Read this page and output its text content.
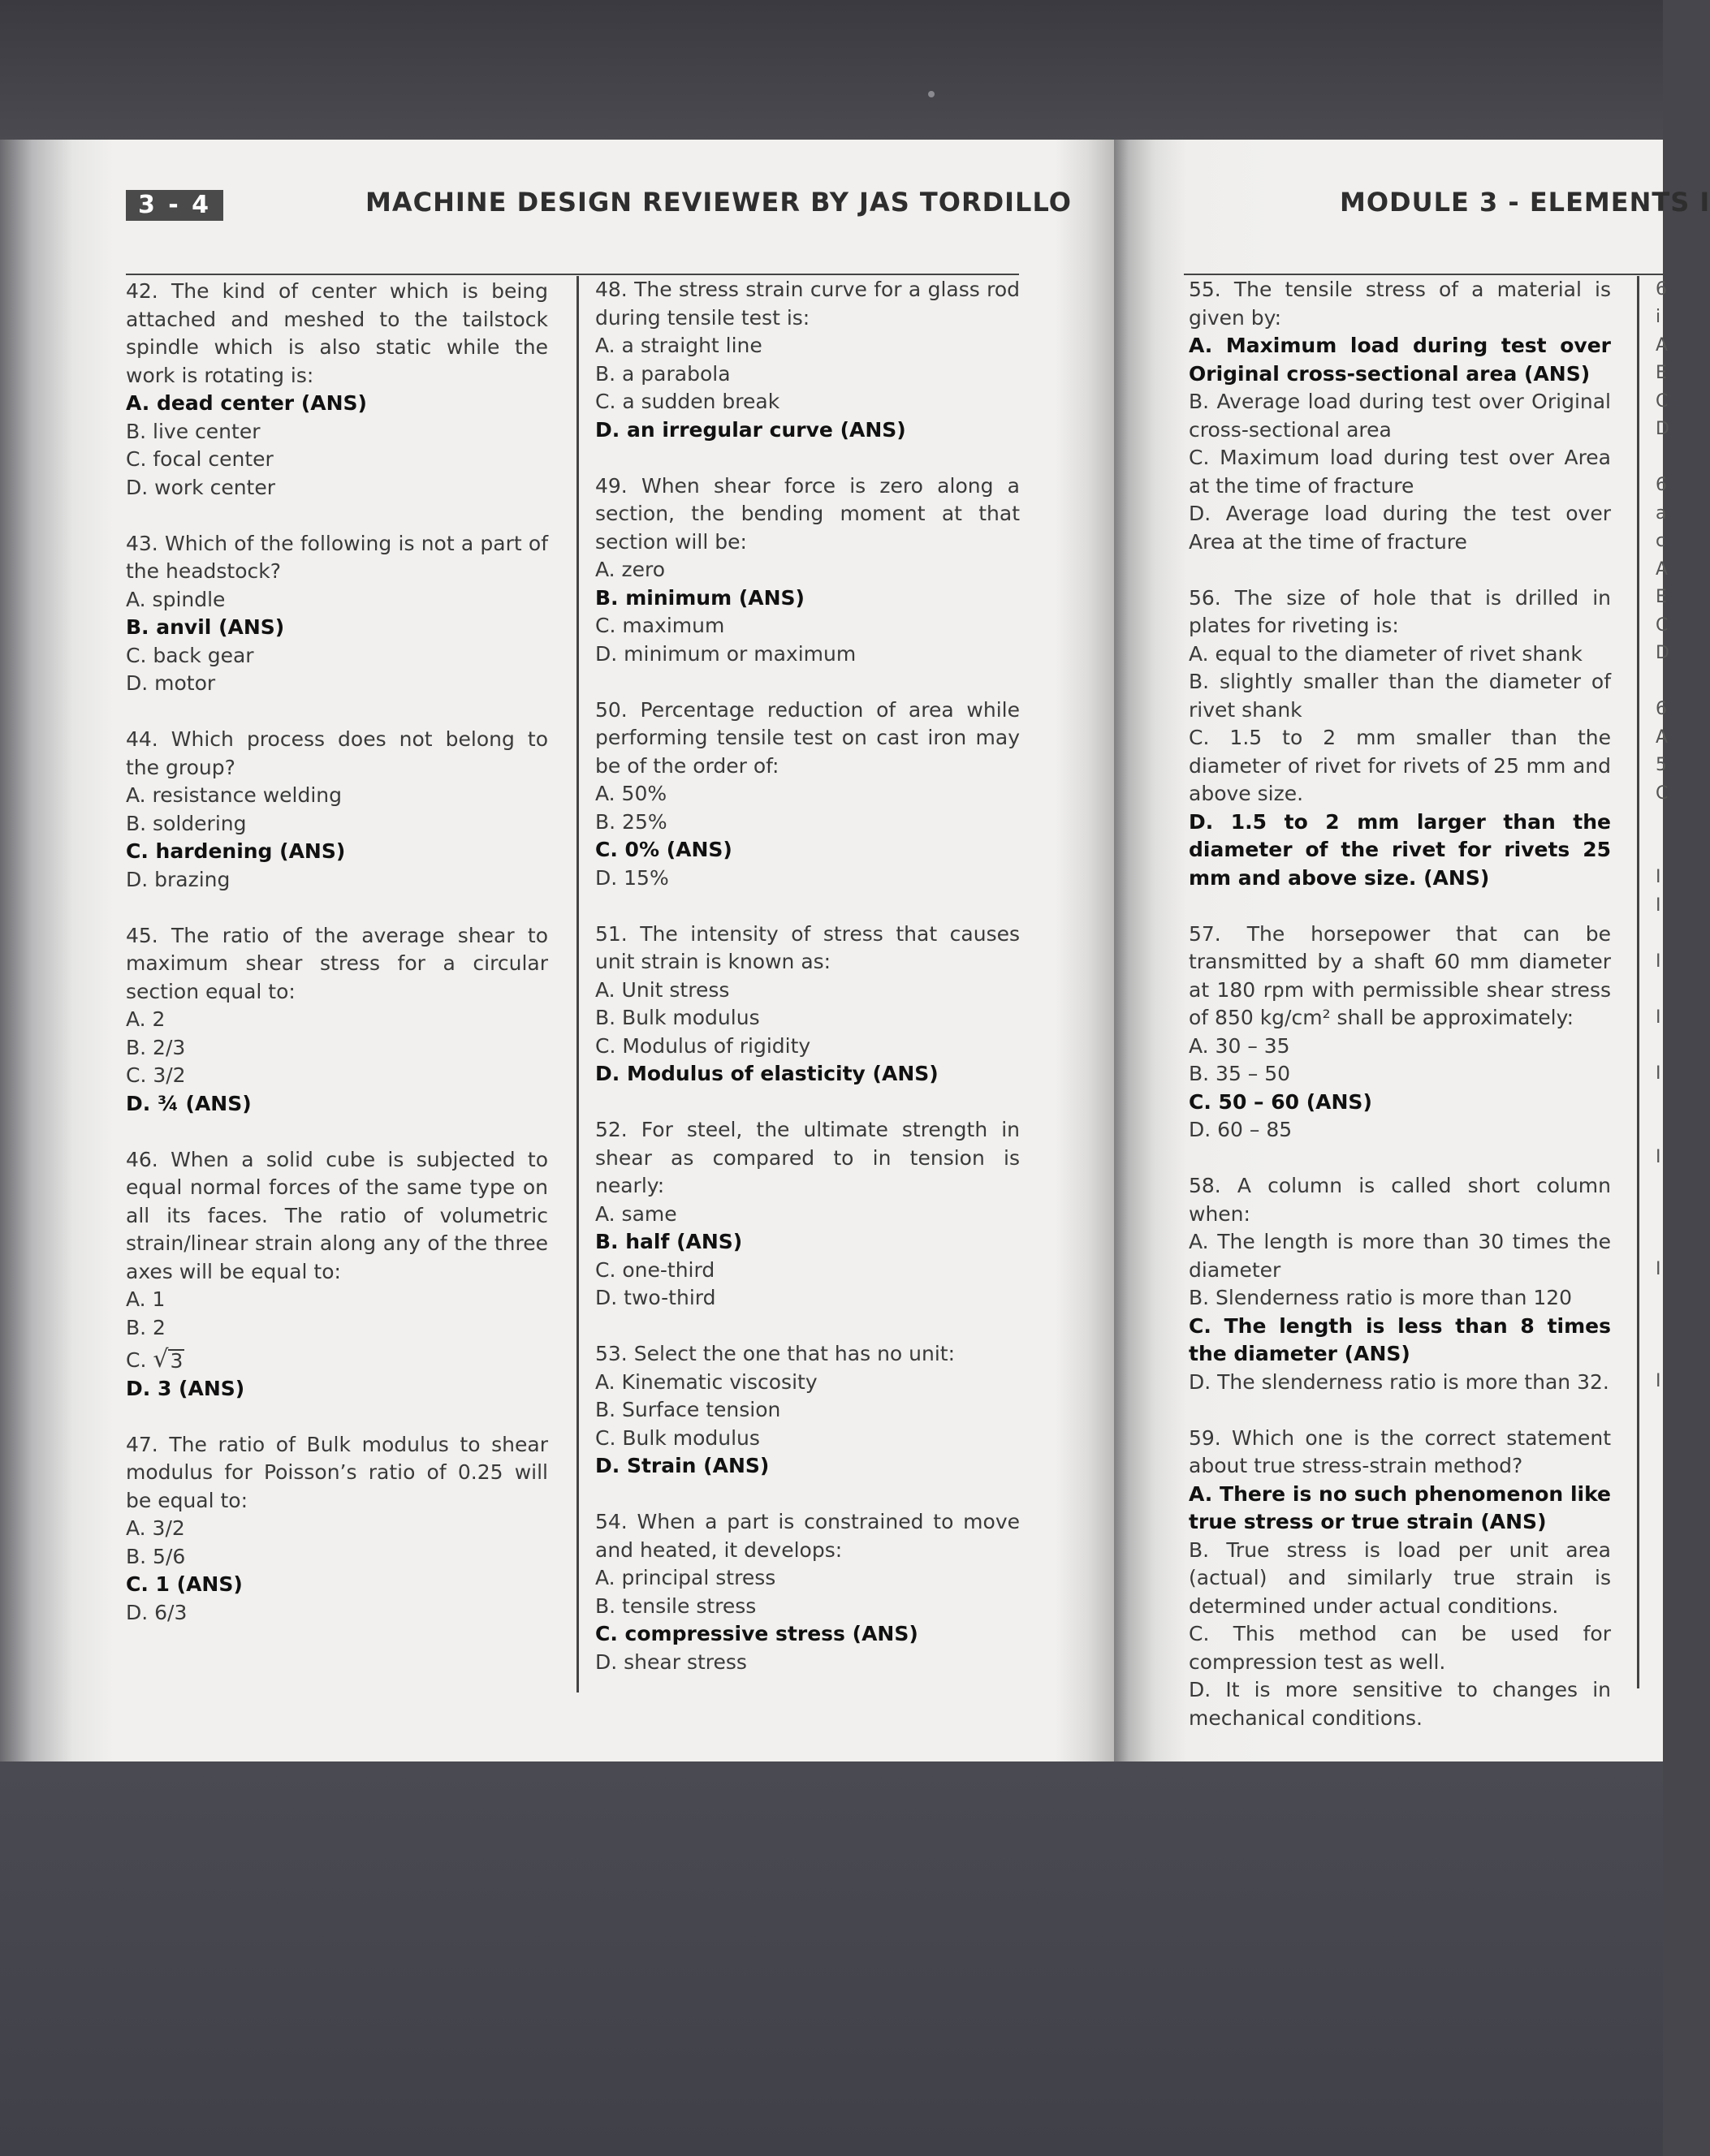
3 - 4	MACHINE DESIGN REVIEWER BY JAS TORDILLO	MODULE 3 - ELEMENTS I

42. The kind of center which is being attached and meshed to the tailstock spindle which is also static while the work is rotating is:

A. dead center (ANS)

B. live center

C. focal center

D. work center

43. Which of the following is not a part of the headstock?

A. spindle

B. anvil (ANS)

C. back gear

D. motor

44. Which process does not belong to the group?

A. resistance welding

B. soldering

C. hardening (ANS)

D. brazing

45. The ratio of the average shear to maximum shear stress for a circular section equal to:

A. 2

B. 2/3

C. 3/2

D. ¾ (ANS)

46. When a solid cube is subjected to equal normal forces of the same type on all its faces. The ratio of volumetric strain/linear strain along any of the three axes will be equal to:

A. 1

B. 2

C. √ 3

D. 3 (ANS)

47. The ratio of Bulk modulus to shear modulus for Poisson’s ratio of 0.25 will be equal to:

A. 3/2

B. 5/6

C. 1 (ANS)

D. 6/3

48. The stress strain curve for a glass rod during tensile test is:

A. a straight line

B. a parabola

C. a sudden break

D. an irregular curve (ANS)

49. When shear force is zero along a section, the bending moment at that section will be:

A. zero

B. minimum (ANS)

C. maximum

D. minimum or maximum

50. Percentage reduction of area while performing tensile test on cast iron may be of the order of:

A. 50%

B. 25%

C. 0% (ANS)

D. 15%

51. The intensity of stress that causes unit strain is known as:

A. Unit stress

B. Bulk modulus

C. Modulus of rigidity

D. Modulus of elasticity (ANS)

52. For steel, the ultimate strength in shear as compared to in tension is nearly:

A. same

B. half (ANS)

C. one-third

D. two-third

53. Select the one that has no unit:

A. Kinematic viscosity

B. Surface tension

C. Bulk modulus

D. Strain (ANS)

54. When a part is constrained to move and heated, it develops:

A. principal stress

B. tensile stress

C. compressive stress (ANS)

D. shear stress

55. The tensile stress of a material is given by:

A. Maximum load during test over Original cross-sectional area (ANS)

B. Average load during test over Original cross-sectional area

C. Maximum load during test over Area at the time of fracture

D. Average load during the test over Area at the time of fracture

56. The size of hole that is drilled in plates for riveting is:

A. equal to the diameter of rivet shank

B. slightly smaller than the diameter of rivet shank

C. 1.5 to 2 mm smaller than the diameter of rivet for rivets of 25 mm and above size.

D. 1.5 to 2 mm larger than the diameter of the rivet for rivets 25 mm and above size. (ANS)

57. The horsepower that can be transmitted by a shaft 60 mm diameter at 180 rpm with permissible shear stress of 850 kg/cm² shall be approximately:

A. 30 – 35

B. 35 – 50

C. 50 – 60 (ANS)

D. 60 – 85

58. A column is called short column when:

A. The length is more than 30 times the diameter

B. Slenderness ratio is more than 120

C. The length is less than 8 times the diameter (ANS)

D. The slenderness ratio is more than 32.

59. Which one is the correct statement about true stress-strain method?

A. There is no such phenomenon like true stress or true strain (ANS)

B. True stress is load per unit area (actual) and similarly true strain is determined under actual conditions.

C. This method can be used for compression test as well.

D. It is more sensitive to changes in mechanical conditions.

6
i
A
E
C
D
6
a
c
A
E
C
D
6
A
5
C
I
I
I
I
I
I
I
I
